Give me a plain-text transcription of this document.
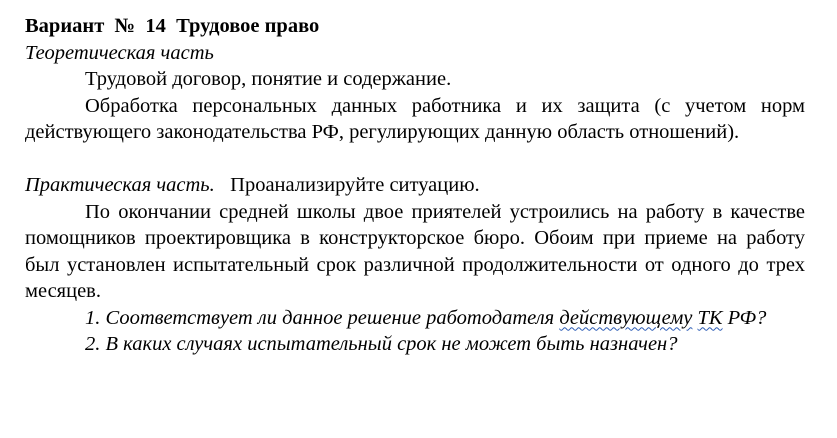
Вариант  №  14  Трудовое право
Теоретическая часть

Трудовой договор, понятие и содержание.

Обработка персональных данных работника и их защита (с учетом норм действующего законодательства РФ, регулирующих данную область отношений).

Практическая часть. Проанализируйте ситуацию.

По окончании средней школы двое приятелей устроились на работу в качестве помощников проектировщика в конструкторское бюро. Обоим при приеме на работу был установлен испытательный срок различной продолжительности от одного до трех месяцев.

1. Соответствует ли данное решение работодателя действующему ТК РФ?

2. В каких случаях испытательный срок не может быть назначен?
